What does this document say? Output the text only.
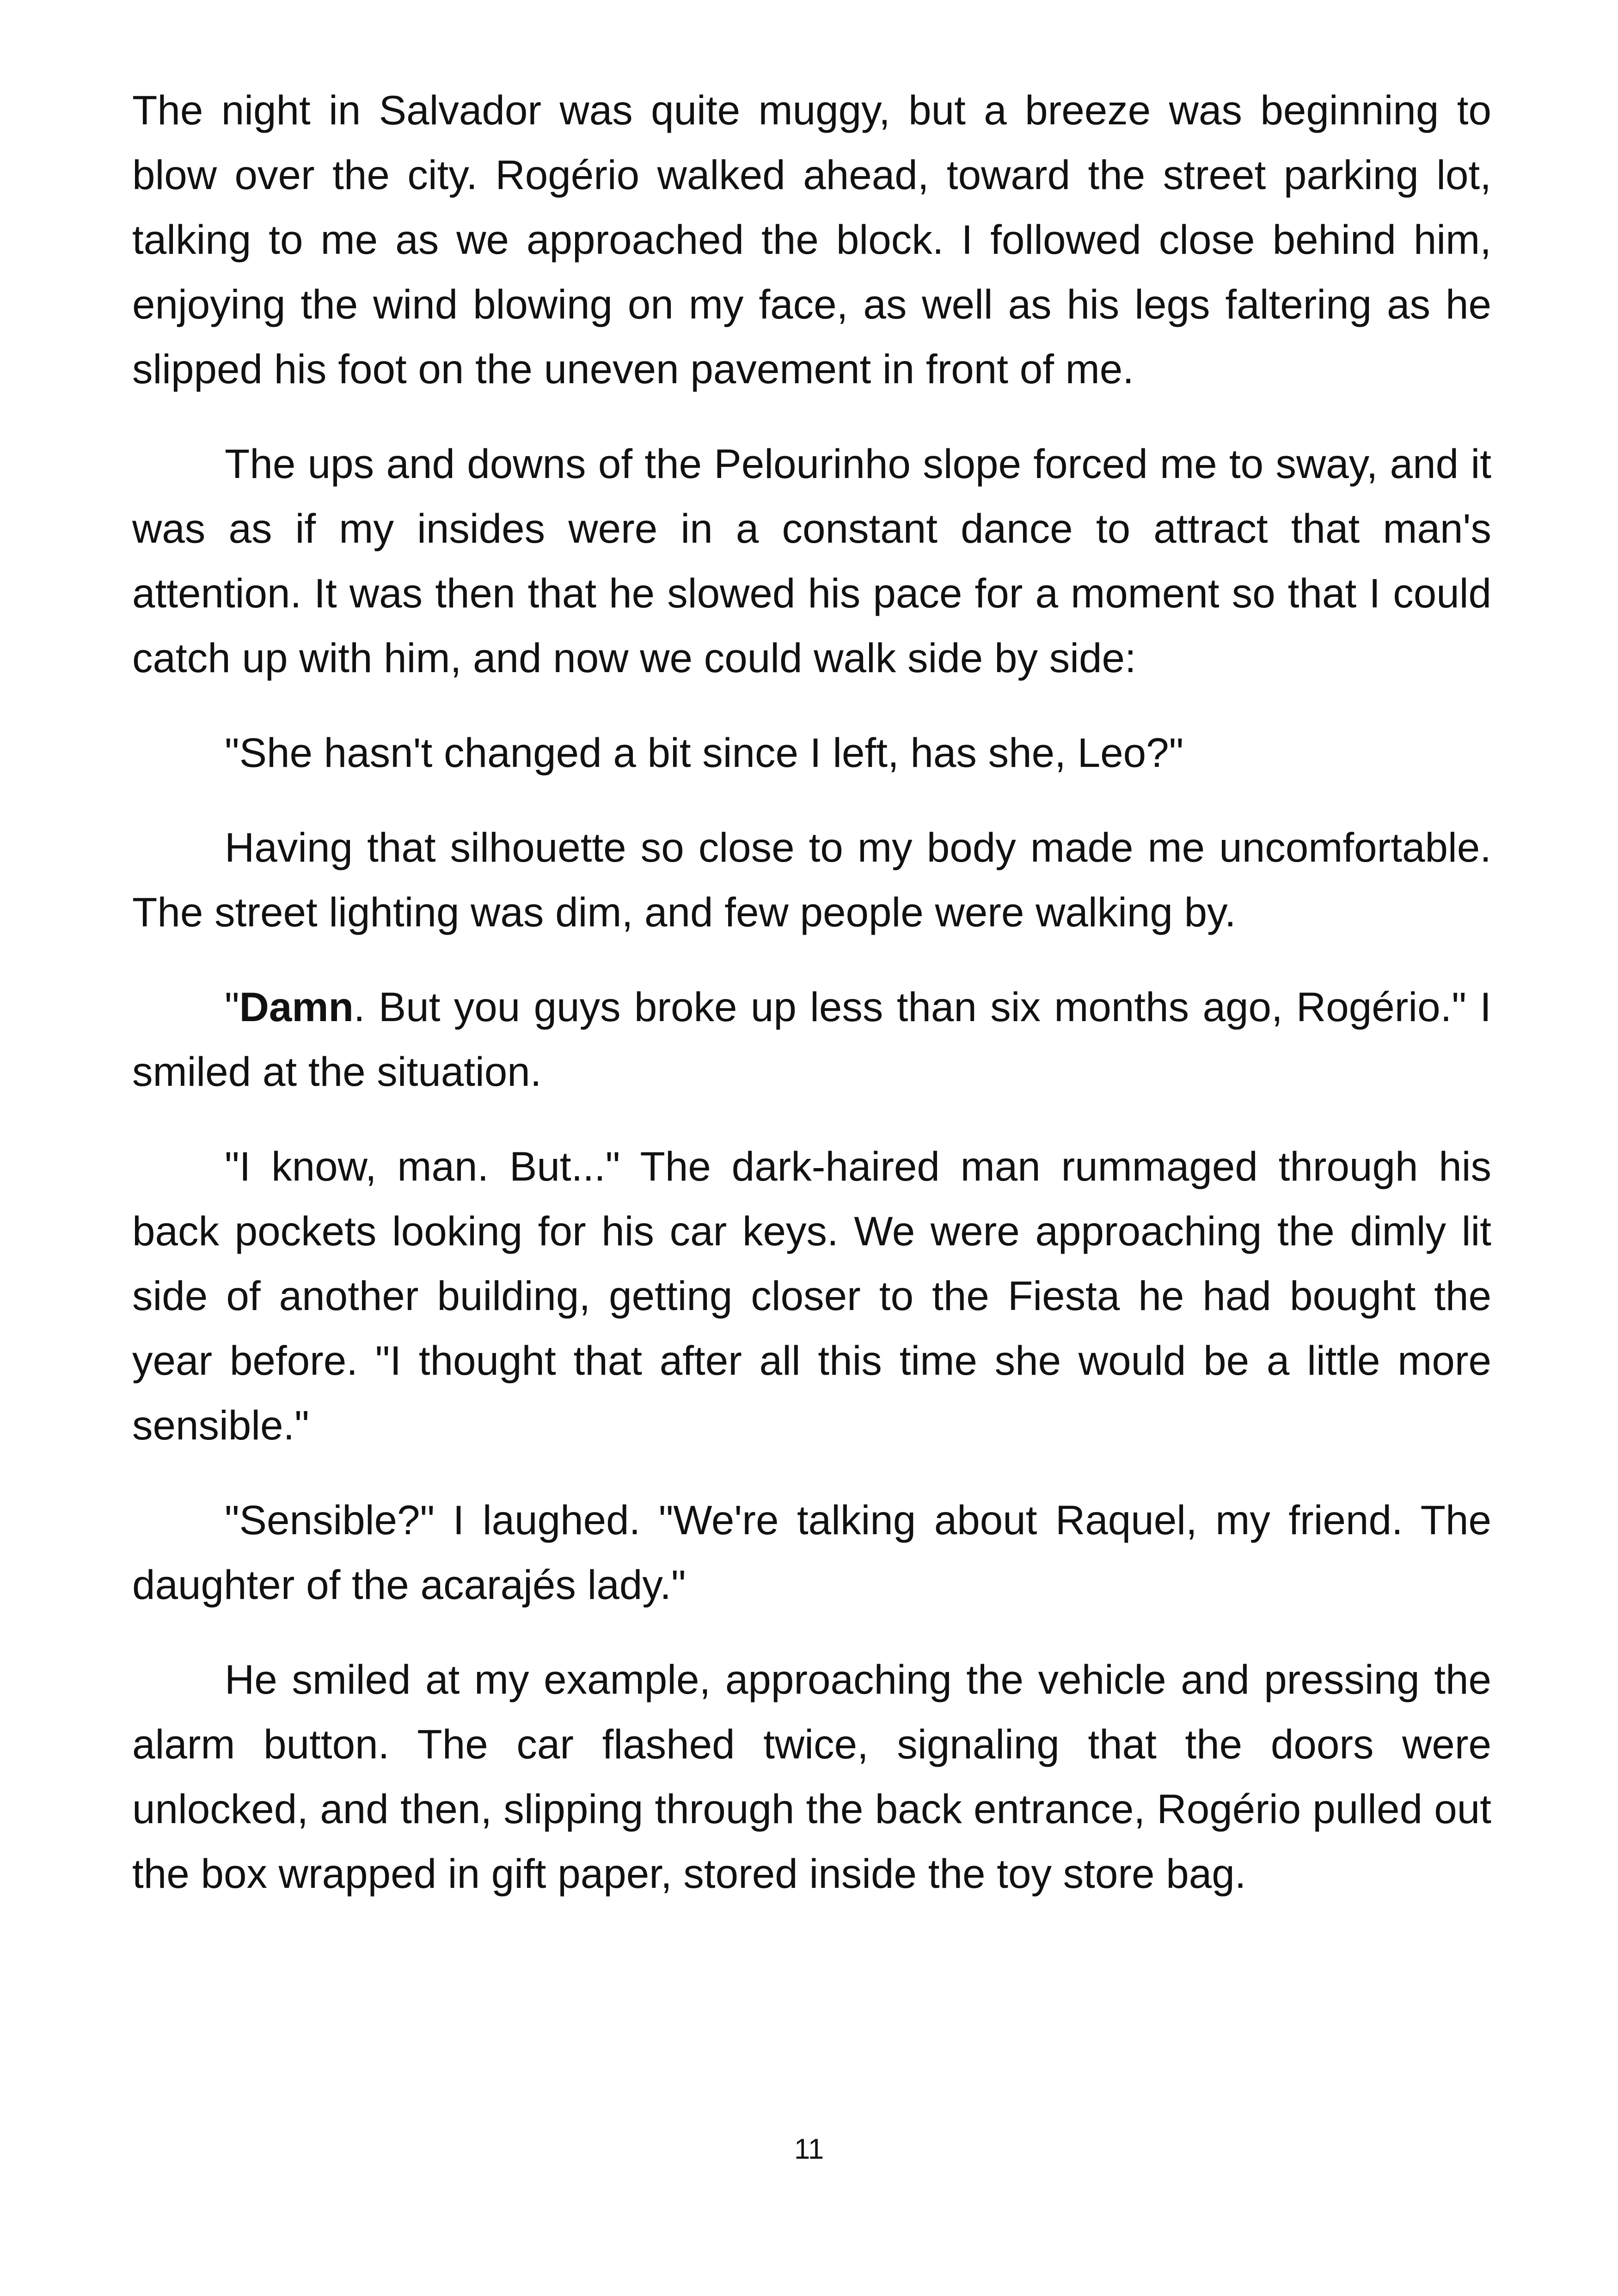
The night in Salvador was quite muggy, but a breeze was beginning to blow over the city. Rogério walked ahead, toward the street parking lot, talking to me as we approached the block. I followed close behind him, enjoying the wind blowing on my face, as well as his legs faltering as he slipped his foot on the uneven pavement in front of me.

The ups and downs of the Pelourinho slope forced me to sway, and it was as if my insides were in a constant dance to attract that man's attention. It was then that he slowed his pace for a moment so that I could catch up with him, and now we could walk side by side:

"She hasn't changed a bit since I left, has she, Leo?"

Having that silhouette so close to my body made me uncomfortable. The street lighting was dim, and few people were walking by.

"Damn. But you guys broke up less than six months ago, Rogério." I smiled at the situation.

"I know, man. But..." The dark-haired man rummaged through his back pockets looking for his car keys. We were approaching the dimly lit side of another building, getting closer to the Fiesta he had bought the year before. "I thought that after all this time she would be a little more sensible."

"Sensible?" I laughed. "We're talking about Raquel, my friend. The daughter of the acarajés lady."

He smiled at my example, approaching the vehicle and pressing the alarm button. The car flashed twice, signaling that the doors were unlocked, and then, slipping through the back entrance, Rogério pulled out the box wrapped in gift paper, stored inside the toy store bag.

11
